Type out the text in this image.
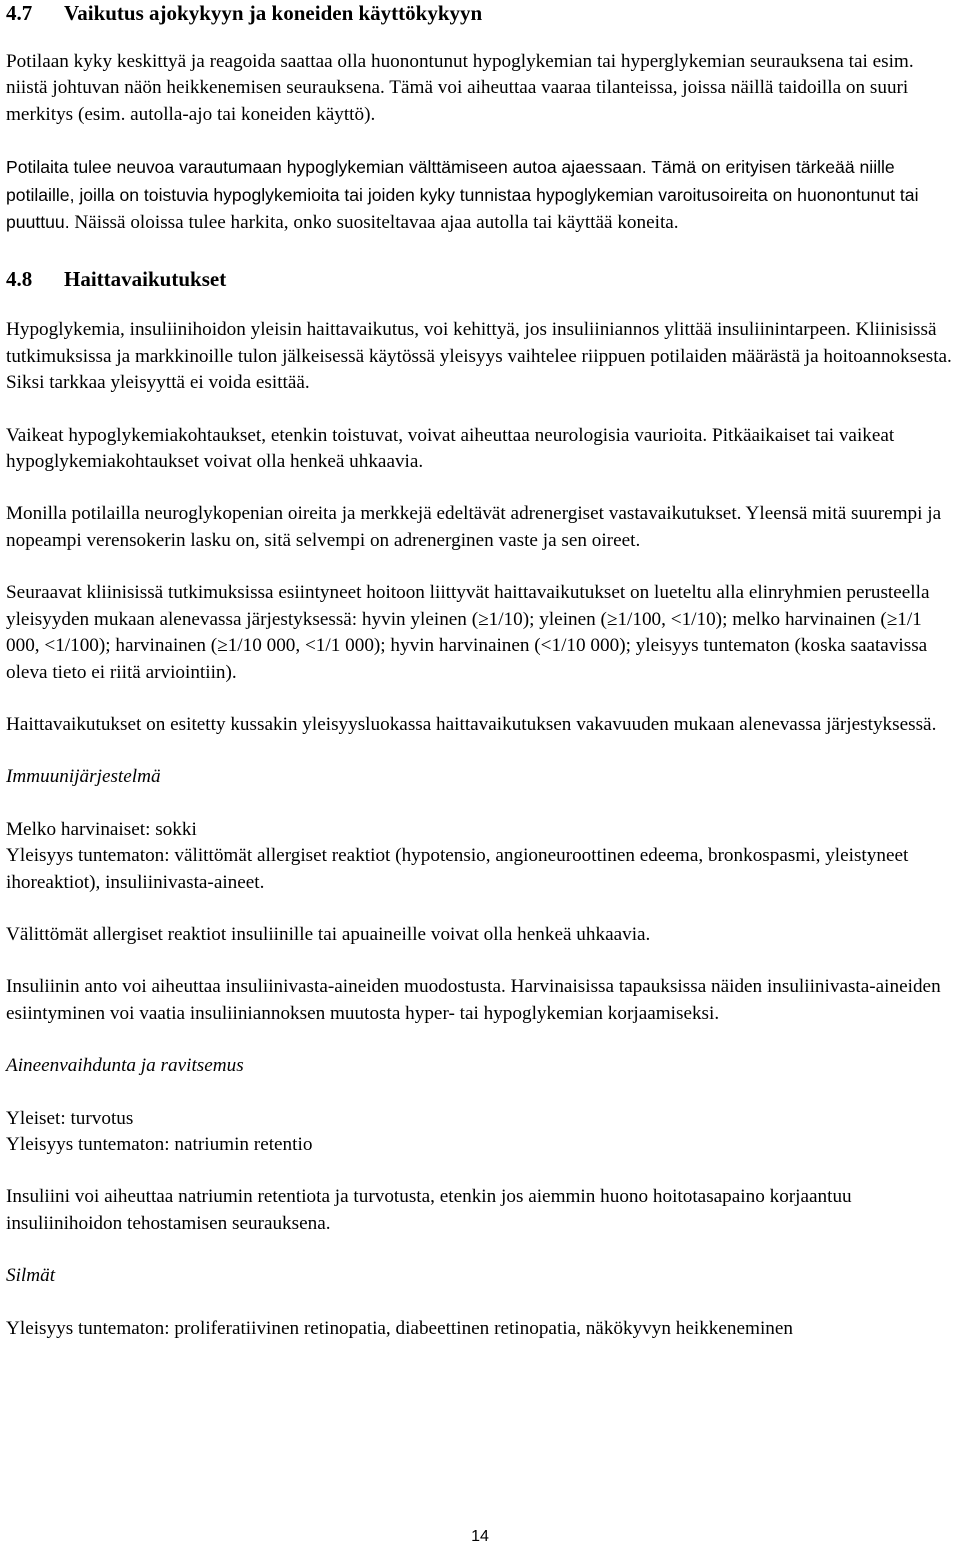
4.7	Vaikutus ajokykyyn ja koneiden käyttökykyyn

Potilaan kyky keskittyä ja reagoida saattaa olla huonontunut hypoglykemian tai hyperglykemian seurauksena tai esim. niistä johtuvan näön heikkenemisen seurauksena. Tämä voi aiheuttaa vaaraa tilanteissa, joissa näillä taidoilla on suuri merkitys (esim. autolla-ajo tai koneiden käyttö).

Potilaita tulee neuvoa varautumaan hypoglykemian välttämiseen autoa ajaessaan. Tämä on erityisen tärkeää niille potilaille, joilla on toistuvia hypoglykemioita tai joiden kyky tunnistaa hypoglykemian varoitusoireita on huonontunut tai puuttuu. Näissä oloissa tulee harkita, onko suositeltavaa ajaa autolla tai käyttää koneita.

4.8	Haittavaikutukset

Hypoglykemia, insuliinihoidon yleisin haittavaikutus, voi kehittyä, jos insuliiniannos ylittää insuliinintarpeen. Kliinisissä tutkimuksissa ja markkinoille tulon jälkeisessä käytössä yleisyys vaihtelee riippuen potilaiden määrästä ja hoitoannoksesta. Siksi tarkkaa yleisyyttä ei voida esittää.

Vaikeat hypoglykemiakohtaukset, etenkin toistuvat, voivat aiheuttaa neurologisia vaurioita. Pitkäaikaiset tai vaikeat hypoglykemiakohtaukset voivat olla henkeä uhkaavia.

Monilla potilailla neuroglykopenian oireita ja merkkejä edeltävät adrenergiset vastavaikutukset. Yleensä mitä suurempi ja nopeampi verensokerin lasku on, sitä selvempi on adrenerginen vaste ja sen oireet.

Seuraavat kliinisissä tutkimuksissa esiintyneet hoitoon liittyvät haittavaikutukset on lueteltu alla elinryhmien perusteella yleisyyden mukaan alenevassa järjestyksessä: hyvin yleinen (≥1/10); yleinen (≥1/100, <1/10); melko harvinainen (≥1/1 000, <1/100); harvinainen (≥1/10 000, <1/1 000); hyvin harvinainen (<1/10 000); yleisyys tuntematon (koska saatavissa oleva tieto ei riitä arviointiin).

Haittavaikutukset on esitetty kussakin yleisyysluokassa haittavaikutuksen vakavuuden mukaan alenevassa järjestyksessä.

Immuunijärjestelmä

Melko harvinaiset: sokki

Yleisyys tuntematon: välittömät allergiset reaktiot (hypotensio, angioneuroottinen edeema, bronkospasmi, yleistyneet ihoreaktiot), insuliinivasta-aineet.

Välittömät allergiset reaktiot insuliinille tai apuaineille voivat olla henkeä uhkaavia.

Insuliinin anto voi aiheuttaa insuliinivasta-aineiden muodostusta. Harvinaisissa tapauksissa näiden insuliinivasta-aineiden esiintyminen voi vaatia insuliiniannoksen muutosta hyper- tai hypoglykemian korjaamiseksi.

Aineenvaihdunta ja ravitsemus

Yleiset: turvotus

Yleisyys tuntematon: natriumin retentio

Insuliini voi aiheuttaa natriumin retentiota ja turvotusta, etenkin jos aiemmin huono hoitotasapaino korjaantuu insuliinihoidon tehostamisen seurauksena.

Silmät

Yleisyys tuntematon: proliferatiivinen retinopatia, diabeettinen retinopatia, näkökyvyn heikkeneminen

14
